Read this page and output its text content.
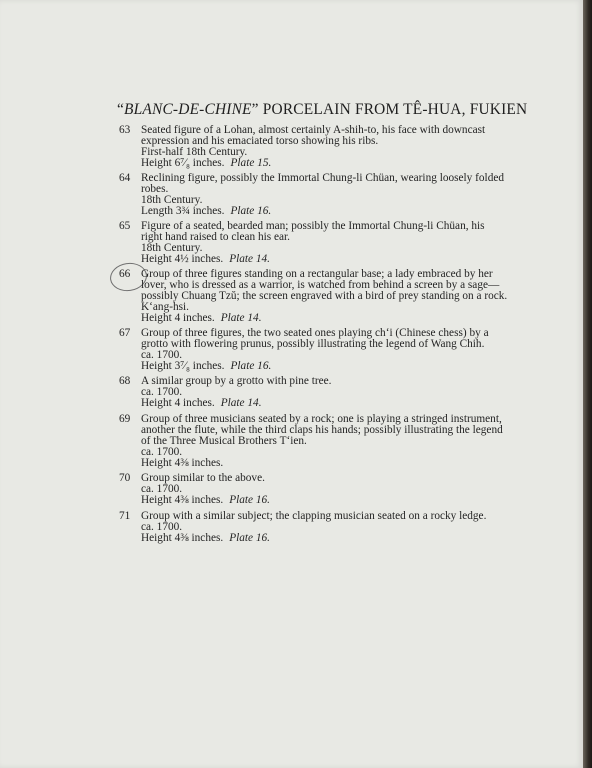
“BLANC-DE-CHINE” PORCELAIN FROM TÊ-HUA, FUKIEN
63 Seated figure of a Lohan, almost certainly A-shih-to, his face with downcast
expression and his emaciated torso showing his ribs.
First-half 18th Century.
Height 6⁷⁄₈ inches. Plate 15.
64 Reclining figure, possibly the Immortal Chung-li Chüan, wearing loosely folded
robes.
18th Century.
Length 3¾ inches. Plate 16.
65 Figure of a seated, bearded man; possibly the Immortal Chung-li Chüan, his
right hand raised to clean his ear.
18th Century.
Height 4½ inches. Plate 14.
66 Group of three figures standing on a rectangular base; a lady embraced by her
lover, who is dressed as a warrior, is watched from behind a screen by a sage—
possibly Chuang Tzŭ; the screen engraved with a bird of prey standing on a rock.
K‘ang-hsi.
Height 4 inches. Plate 14.
67 Group of three figures, the two seated ones playing ch‘i (Chinese chess) by a
grotto with flowering prunus, possibly illustrating the legend of Wang Chih.
ca. 1700.
Height 3⁷⁄₈ inches. Plate 16.
68 A similar group by a grotto with pine tree.
ca. 1700.
Height 4 inches. Plate 14.
69 Group of three musicians seated by a rock; one is playing a stringed instrument,
another the flute, while the third claps his hands; possibly illustrating the legend
of the Three Musical Brothers T‘ien.
ca. 1700.
Height 4⅜ inches.
70 Group similar to the above.
ca. 1700.
Height 4⅜ inches. Plate 16.
71 Group with a similar subject; the clapping musician seated on a rocky ledge.
ca. 1700.
Height 4⅜ inches. Plate 16.
